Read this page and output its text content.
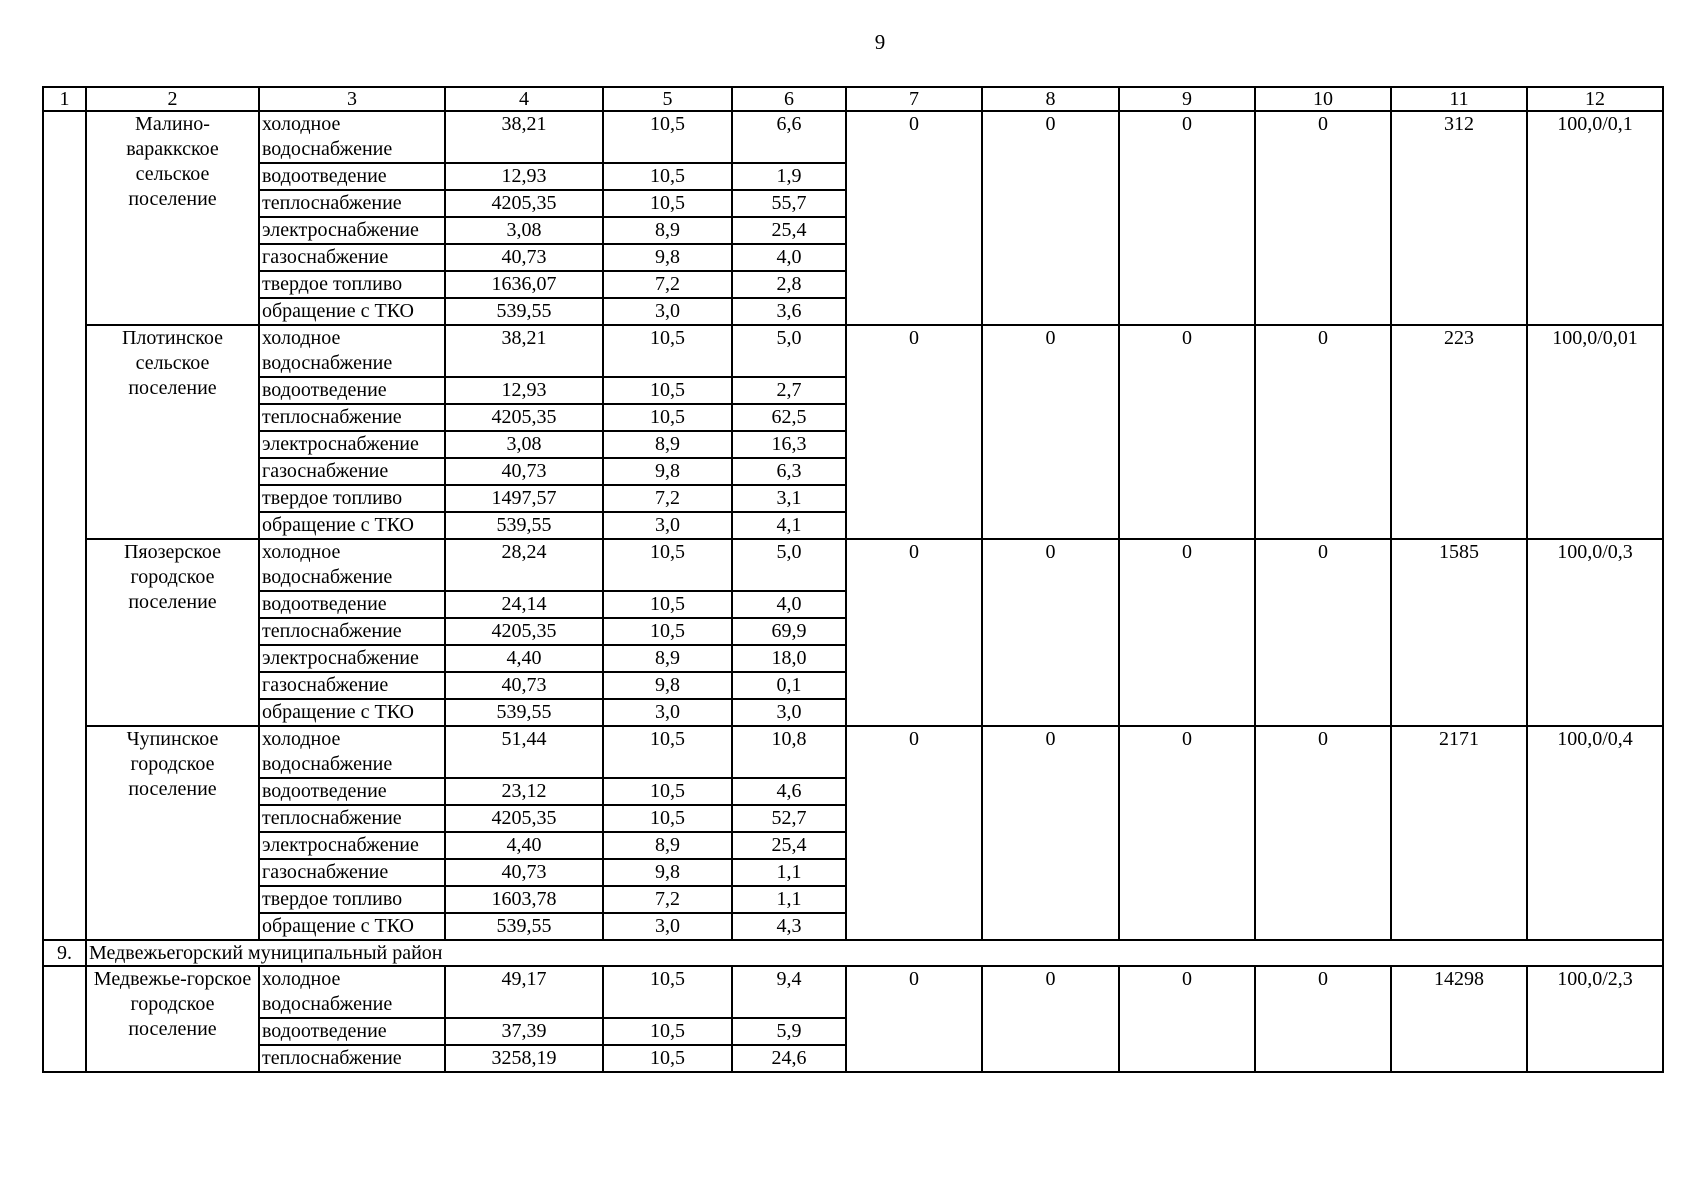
9
1	2	3	4	5	6	7	8	9	10	11	12
	Малино-вараккское сельское поселение	холодное водоснабжение	38,21	10,5	6,6	0	0	0	0	312	100,0/0,1
		водоотведение	12,93	10,5	1,9						
		теплоснабжение	4205,35	10,5	55,7						
		электроснабжение	3,08	8,9	25,4						
		газоснабжение	40,73	9,8	4,0						
		твердое топливо	1636,07	7,2	2,8						
		обращение с ТКО	539,55	3,0	3,6						
	Плотинское сельское поселение	холодное водоснабжение	38,21	10,5	5,0	0	0	0	0	223	100,0/0,01
		водоотведение	12,93	10,5	2,7						
		теплоснабжение	4205,35	10,5	62,5						
		электроснабжение	3,08	8,9	16,3						
		газоснабжение	40,73	9,8	6,3						
		твердое топливо	1497,57	7,2	3,1						
		обращение с ТКО	539,55	3,0	4,1						
	Пяозерское городское поселение	холодное водоснабжение	28,24	10,5	5,0	0	0	0	0	1585	100,0/0,3
		водоотведение	24,14	10,5	4,0						
		теплоснабжение	4205,35	10,5	69,9						
		электроснабжение	4,40	8,9	18,0						
		газоснабжение	40,73	9,8	0,1						
		обращение с ТКО	539,55	3,0	3,0						
	Чупинское городское поселение	холодное водоснабжение	51,44	10,5	10,8	0	0	0	0	2171	100,0/0,4
		водоотведение	23,12	10,5	4,6						
		теплоснабжение	4205,35	10,5	52,7						
		электроснабжение	4,40	8,9	25,4						
		газоснабжение	40,73	9,8	1,1						
		твердое топливо	1603,78	7,2	1,1						
		обращение с ТКО	539,55	3,0	4,3						
9.	Медвежьегорский муниципальный район										
	Медвежье-горское городское поселение	холодное водоснабжение	49,17	10,5	9,4	0	0	0	0	14298	100,0/2,3
		водоотведение	37,39	10,5	5,9						
		теплоснабжение	3258,19	10,5	24,6						
